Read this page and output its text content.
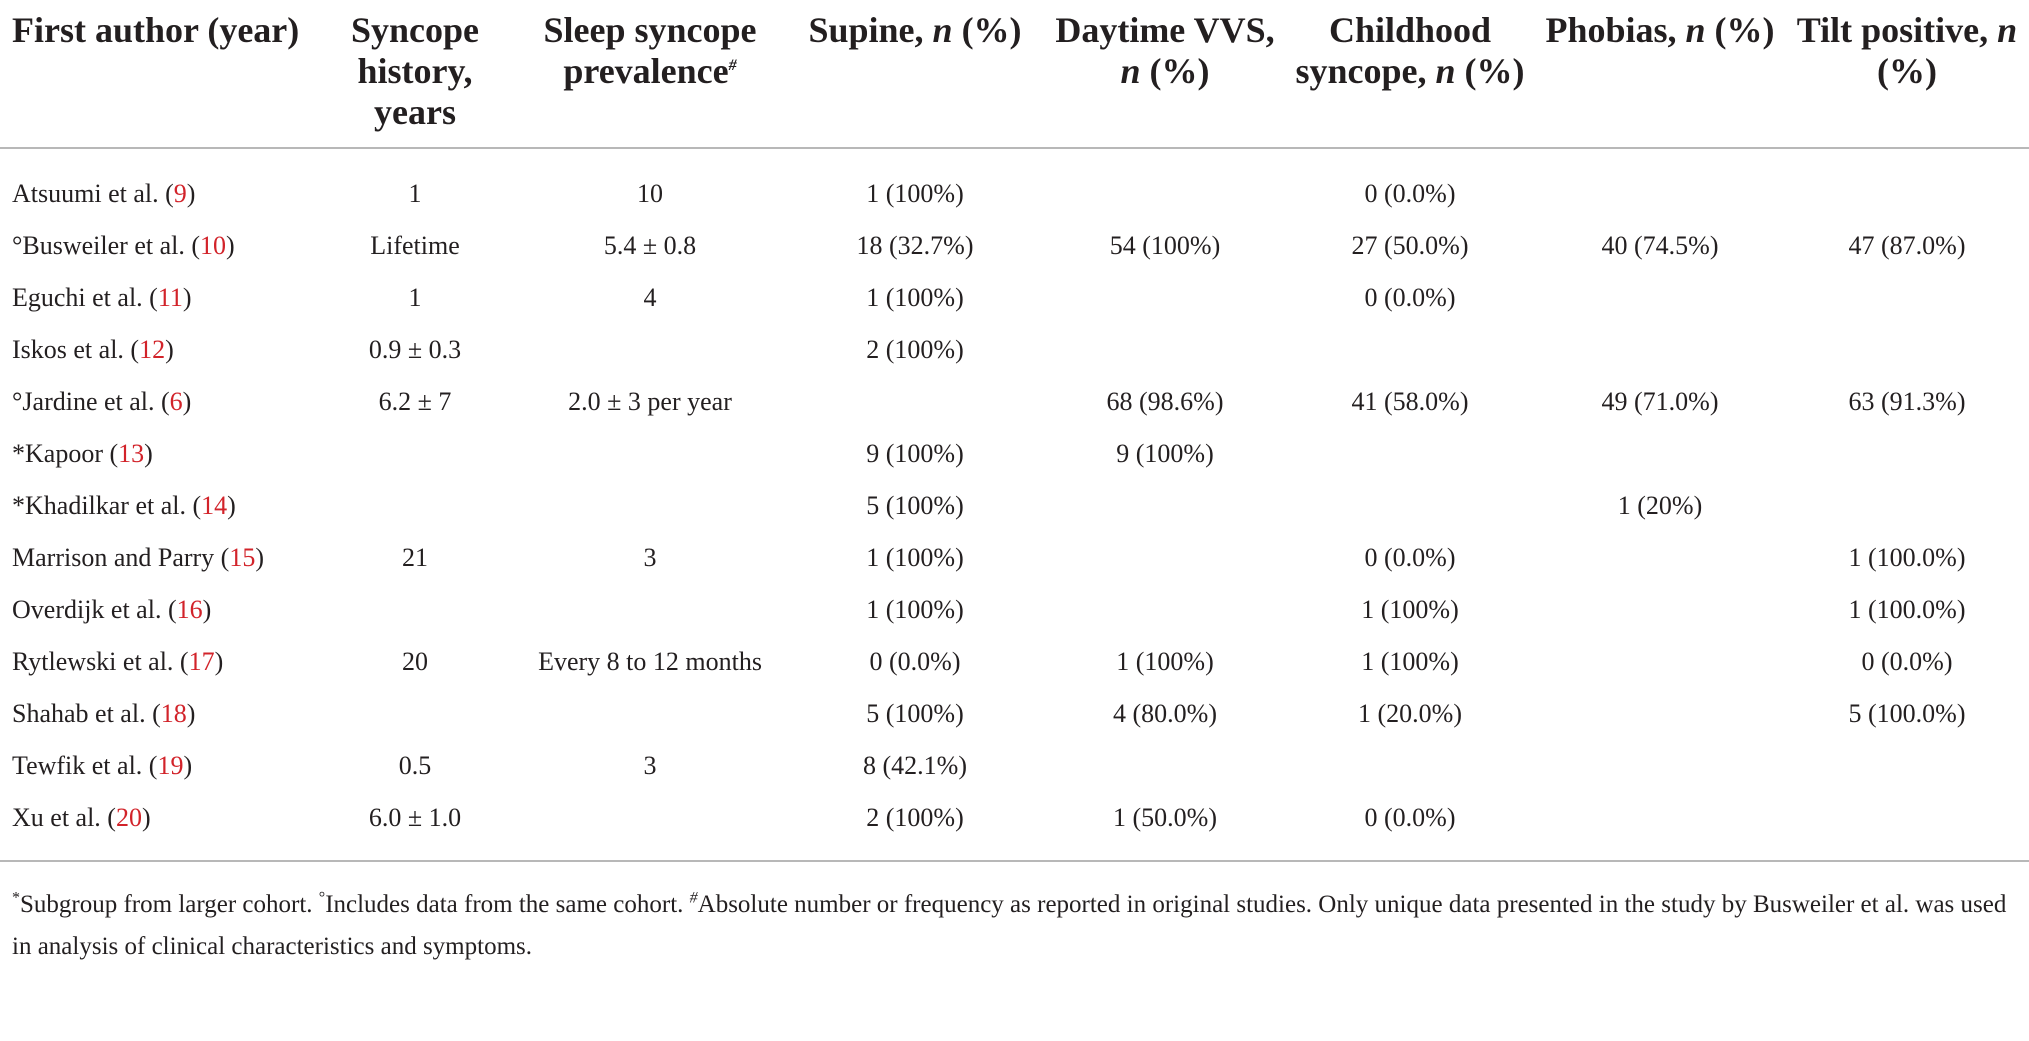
First author (year)	Syncope history, years	Sleep syncope prevalence#	Supine, n (%)	Daytime VVS, n (%)	Childhood syncope, n (%)	Phobias, n (%)	Tilt positive, n (%)
Atsuumi et al. (9)	1	10	1 (100%)		0 (0.0%)		
°Busweiler et al. (10)	Lifetime	5.4 ± 0.8	18 (32.7%)	54 (100%)	27 (50.0%)	40 (74.5%)	47 (87.0%)
Eguchi et al. (11)	1	4	1 (100%)		0 (0.0%)		
Iskos et al. (12)	0.9 ± 0.3		2 (100%)				
°Jardine et al. (6)	6.2 ± 7	2.0 ± 3 per year		68 (98.6%)	41 (58.0%)	49 (71.0%)	63 (91.3%)
*Kapoor (13)			9 (100%)	9 (100%)			
*Khadilkar et al. (14)			5 (100%)			1 (20%)	
Marrison and Parry (15)	21	3	1 (100%)		0 (0.0%)		1 (100.0%)
Overdijk et al. (16)			1 (100%)		1 (100%)		1 (100.0%)
Rytlewski et al. (17)	20	Every 8 to 12 months	0 (0.0%)	1 (100%)	1 (100%)		0 (0.0%)
Shahab et al. (18)			5 (100%)	4 (80.0%)	1 (20.0%)		5 (100.0%)
Tewfik et al. (19)	0.5	3	8 (42.1%)				
Xu et al. (20)	6.0 ± 1.0		2 (100%)	1 (50.0%)	0 (0.0%)		
*Subgroup from larger cohort. °Includes data from the same cohort. #Absolute number or frequency as reported in original studies. Only unique data presented in the study by Busweiler et al. was used in analysis of clinical characteristics and symptoms.							
